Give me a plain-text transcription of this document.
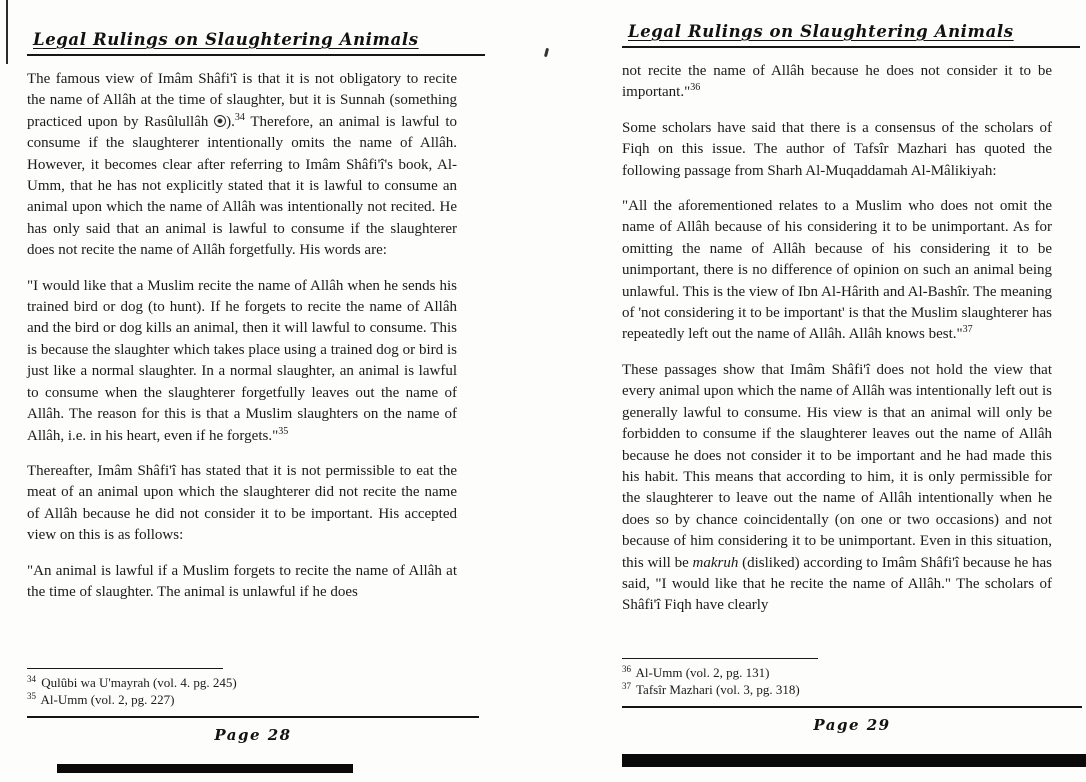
Legal Rulings on Slaughtering Animals

The famous view of Imâm Shâfi'î is that it is not obligatory to recite the name of Allâh at the time of slaughter, but it is Sunnah (something practiced upon by Rasûlullâh ).$^{34}$ Therefore, an animal is lawful to consume if the slaughterer intentionally omits the name of Allâh. However, it becomes clear after referring to Imâm Shâfi'î's book, Al-Umm, that he has not explicitly stated that it is lawful to consume an animal upon which the name of Allâh was intentionally not recited. He has only said that an animal is lawful to consume if the slaughterer does not recite the name of Allâh forgetfully. His words are:

"I would like that a Muslim recite the name of Allâh when he sends his trained bird or dog (to hunt). If he forgets to recite the name of Allâh and the bird or dog kills an animal, then it will lawful to consume. This is because the slaughter which takes place using a trained dog or bird is just like a normal slaughter. In a normal slaughter, an animal is lawful to consume when the slaughterer forgetfully leaves out the name of Allâh. The reason for this is that a Muslim slaughters on the name of Allâh, i.e. in his heart, even if he forgets."$^{35}$

Thereafter, Imâm Shâfi'î has stated that it is not permissible to eat the meat of an animal upon which the slaughterer did not recite the name of Allâh because he did not consider it to be important. His accepted view on this is as follows:

"An animal is lawful if a Muslim forgets to recite the name of Allâh at the time of slaughter. The animal is unlawful if he does

$^{34}$ Qulûbi wa U'mayrah (vol. 4. pg. 245)
$^{35}$ Al-Umm (vol. 2, pg. 227)
Page 28
Legal Rulings on Slaughtering Animals

not recite the name of Allâh because he does not consider it to be important."$^{36}$

Some scholars have said that there is a consensus of the scholars of Fiqh on this issue. The author of Tafsîr Mazhari has quoted the following passage from Sharh Al-Muqaddamah Al-Mâlikiyah:

"All the aforementioned relates to a Muslim who does not omit the name of Allâh because of his considering it to be unimportant. As for omitting the name of Allâh because of his considering it to be unimportant, there is no difference of opinion on such an animal being unlawful. This is the view of Ibn Al-Hârith and Al-Bashîr. The meaning of 'not considering it to be important' is that the Muslim slaughterer has repeatedly left out the name of Allâh. Allâh knows best."$^{37}$

These passages show that Imâm Shâfi'î does not hold the view that every animal upon which the name of Allâh was intentionally left out is generally lawful to consume. His view is that an animal will only be forbidden to consume if the slaughterer leaves out the name of Allâh because he does not consider it to be important and he had made this his habit. This means that according to him, it is only permissible for the slaughterer to leave out the name of Allâh intentionally when he does so by chance coincidentally (on one or two occasions) and not because of him considering it to be unimportant. Even in this situation, this will be makruh (disliked) according to Imâm Shâfi'î because he has said, "I would like that he recite the name of Allâh." The scholars of Shâfi'î Fiqh have clearly

$^{36}$ Al-Umm (vol. 2, pg. 131)
$^{37}$ Tafsîr Mazhari (vol. 3, pg. 318)
Page 29
